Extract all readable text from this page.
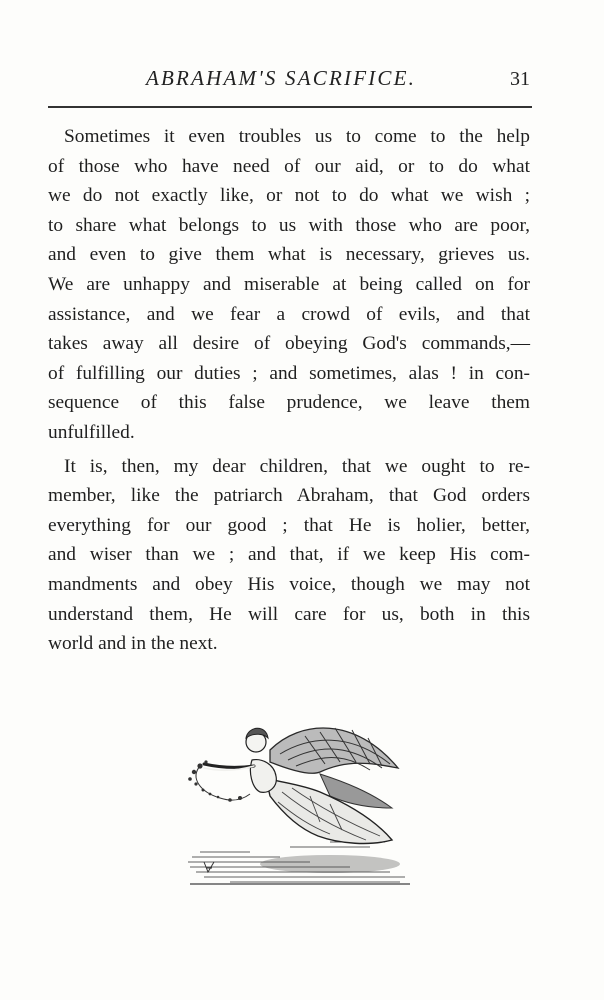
ABRAHAM'S SACRIFICE.	31

Sometimes it even troubles us to come to the help
of those who have need of our aid, or to do what
we do not exactly like, or not to do what we wish ;
to share what belongs to us with those who are poor,
and even to give them what is necessary, grieves us.
We are unhappy and miserable at being called on for
assistance, and we fear a crowd of evils, and that
takes away all desire of obeying God's commands,—
of fulfilling our duties ; and sometimes, alas ! in con-
sequence of this false prudence, we leave them
unfulfilled.

It is, then, my dear children, that we ought to re-
member, like the patriarch Abraham, that God orders
everything for our good ; that He is holier, better,
and wiser than we ; and that, if we keep His com-
mandments and obey His voice, though we may not
understand them, He will care for us, both in this
world and in the next.
